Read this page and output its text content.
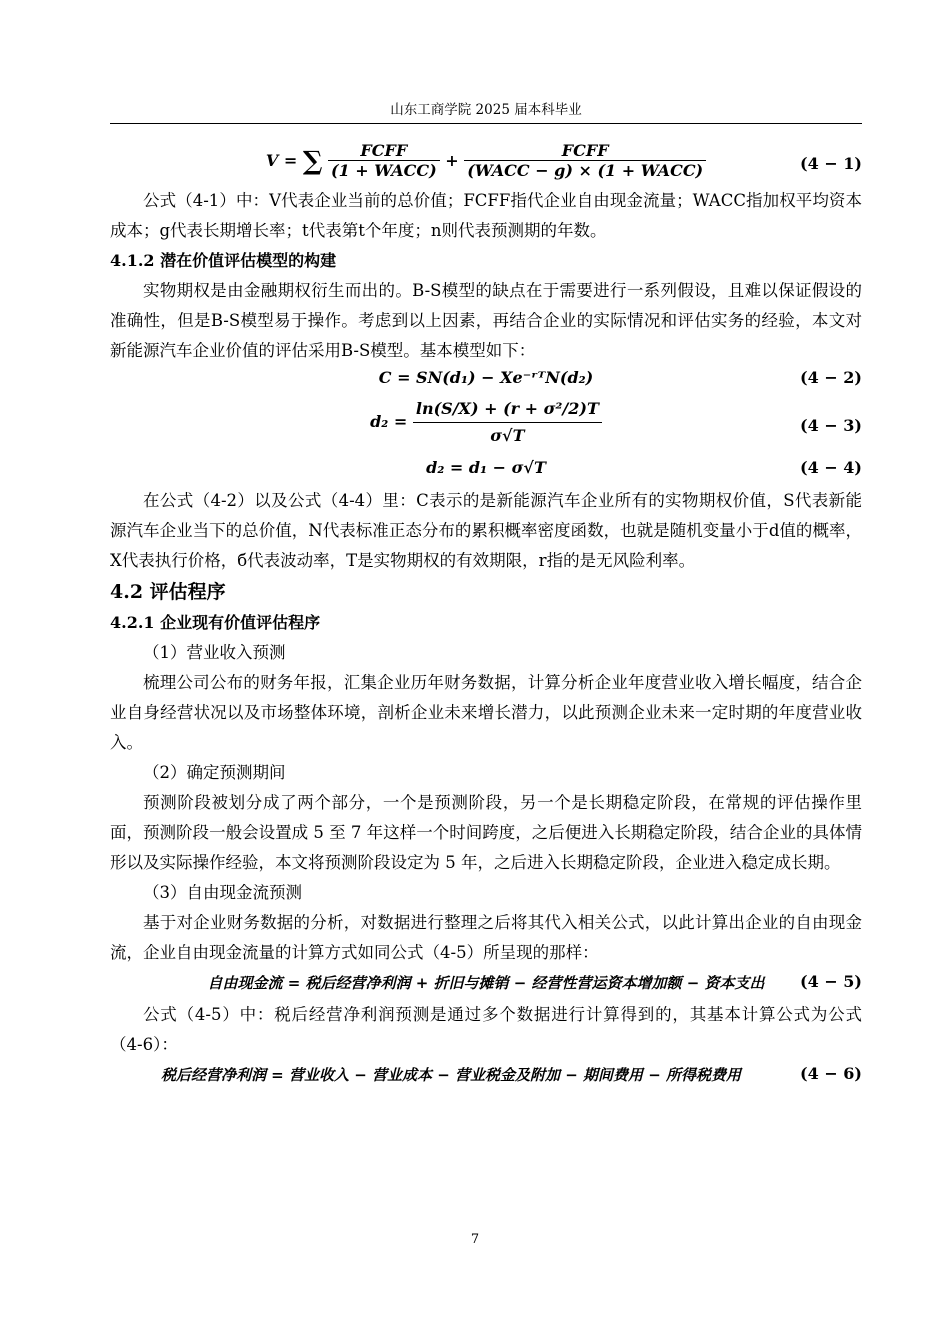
山东工商学院 2025 届本科毕业
V = ∑ $\frac{\text{FCFF}}{\text{(1 + WACC)}} + \frac{\text{FCFF}}{\text{(WACC − g) × (1 + WACC)}}$	(4 − 1)

公式（4-1）中：V代表企业当前的总价值；FCFF指代企业自由现金流量；WACC指加权平均资本成本；g代表长期增长率；t代表第t个年度；n则代表预测期的年数。

4.1.2 潜在价值评估模型的构建

实物期权是由金融期权衍生而出的。B-S模型的缺点在于需要进行一系列假设，且难以保证假设的准确性，但是B-S模型易于操作。考虑到以上因素，再结合企业的实际情况和评估实务的经验，本文对新能源汽车企业价值的评估采用B-S模型。基本模型如下：

C = SN(d₁) − Xe⁻ʳᵀN(d₂)	(4 − 2)
$d_2 = \frac{\text{ln(S/X) + (r + σ²/2)T}}{\sigma√T}$	(4 − 3)
d₂ = d₁ − σ√T	(4 − 4)

在公式（4-2）以及公式（4-4）里：C表示的是新能源汽车企业所有的实物期权价值，S代表新能源汽车企业当下的总价值，N代表标准正态分布的累积概率密度函数，也就是随机变量小于d值的概率，X代表执行价格，б代表波动率，T是实物期权的有效期限，r指的是无风险利率。

4.2 评估程序

4.2.1 企业现有价值评估程序

（1）营业收入预测

梳理公司公布的财务年报，汇集企业历年财务数据，计算分析企业年度营业收入增长幅度，结合企业自身经营状况以及市场整体环境，剖析企业未来增长潜力，以此预测企业未来一定时期的年度营业收入。

（2）确定预测期间

预测阶段被划分成了两个部分，一个是预测阶段，另一个是长期稳定阶段，在常规的评估操作里面，预测阶段一般会设置成 5 至 7 年这样一个时间跨度，之后便进入长期稳定阶段，结合企业的具体情形以及实际操作经验，本文将预测阶段设定为 5 年，之后进入长期稳定阶段，企业进入稳定成长期。

（3）自由现金流预测

基于对企业财务数据的分析，对数据进行整理之后将其代入相关公式，以此计算出企业的自由现金流，企业自由现金流量的计算方式如同公式（4-5）所呈现的那样：

自由现金流 = 税后经营净利润 + 折旧与摊销 − 经营性营运资本增加额 − 资本支出	(4 − 5)

公式（4-5）中：税后经营净利润预测是通过多个数据进行计算得到的，其基本计算公式为公式（4-6）：

税后经营净利润 = 营业收入 − 营业成本 − 营业税金及附加 − 期间费用 − 所得税费用	(4 − 6)
7
